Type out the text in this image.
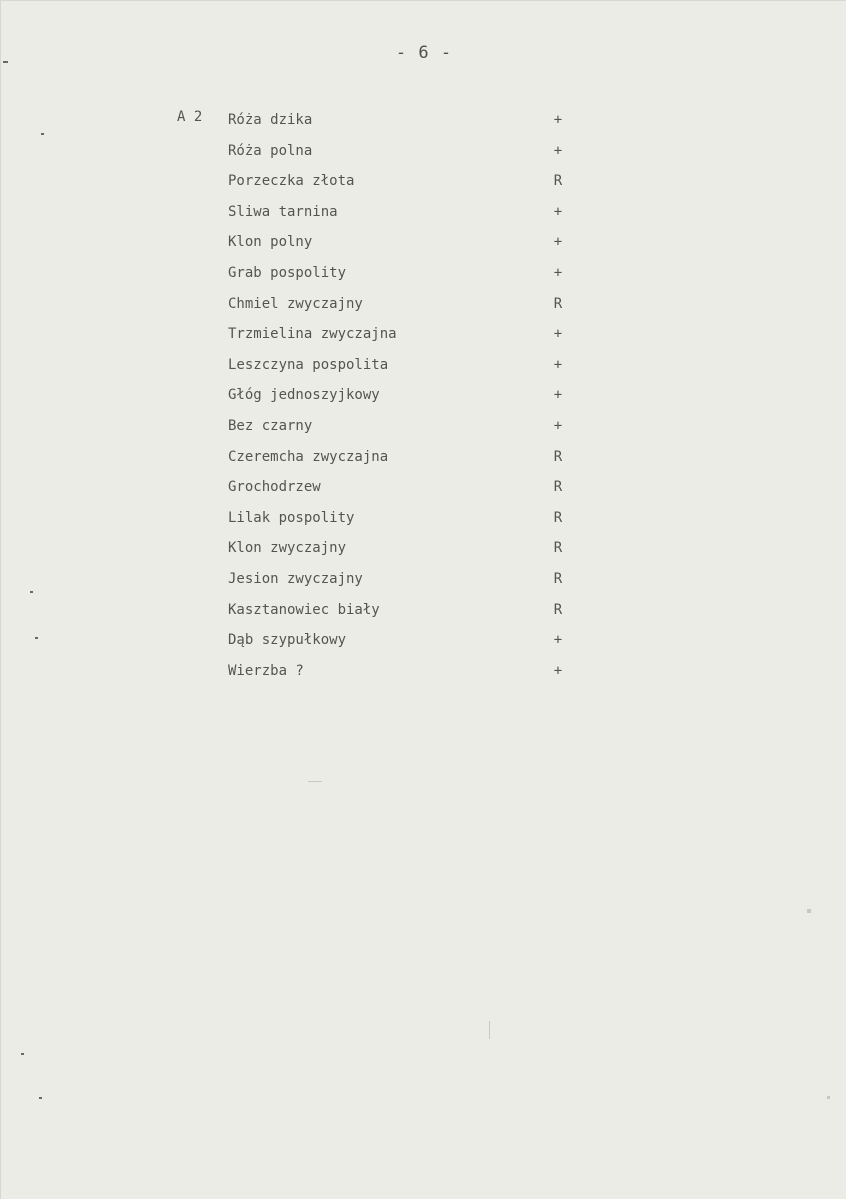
- 6 -
A 2 Róża dzika	+
Róża polna	+
Porzeczka złota	R
Sliwa tarnina	+
Klon polny	+
Grab pospolity	+
Chmiel zwyczajny	R
Trzmielina zwyczajna	+
Leszczyna pospolita	+
Głóg jednoszyjkowy	+
Bez czarny	+
Czeremcha zwyczajna	R
Grochodrzew	R
Lilak pospolity	R
Klon zwyczajny	R
Jesion zwyczajny	R
Kasztanowiec biały	R
Dąb szypułkowy	+
Wierzba ?	+
